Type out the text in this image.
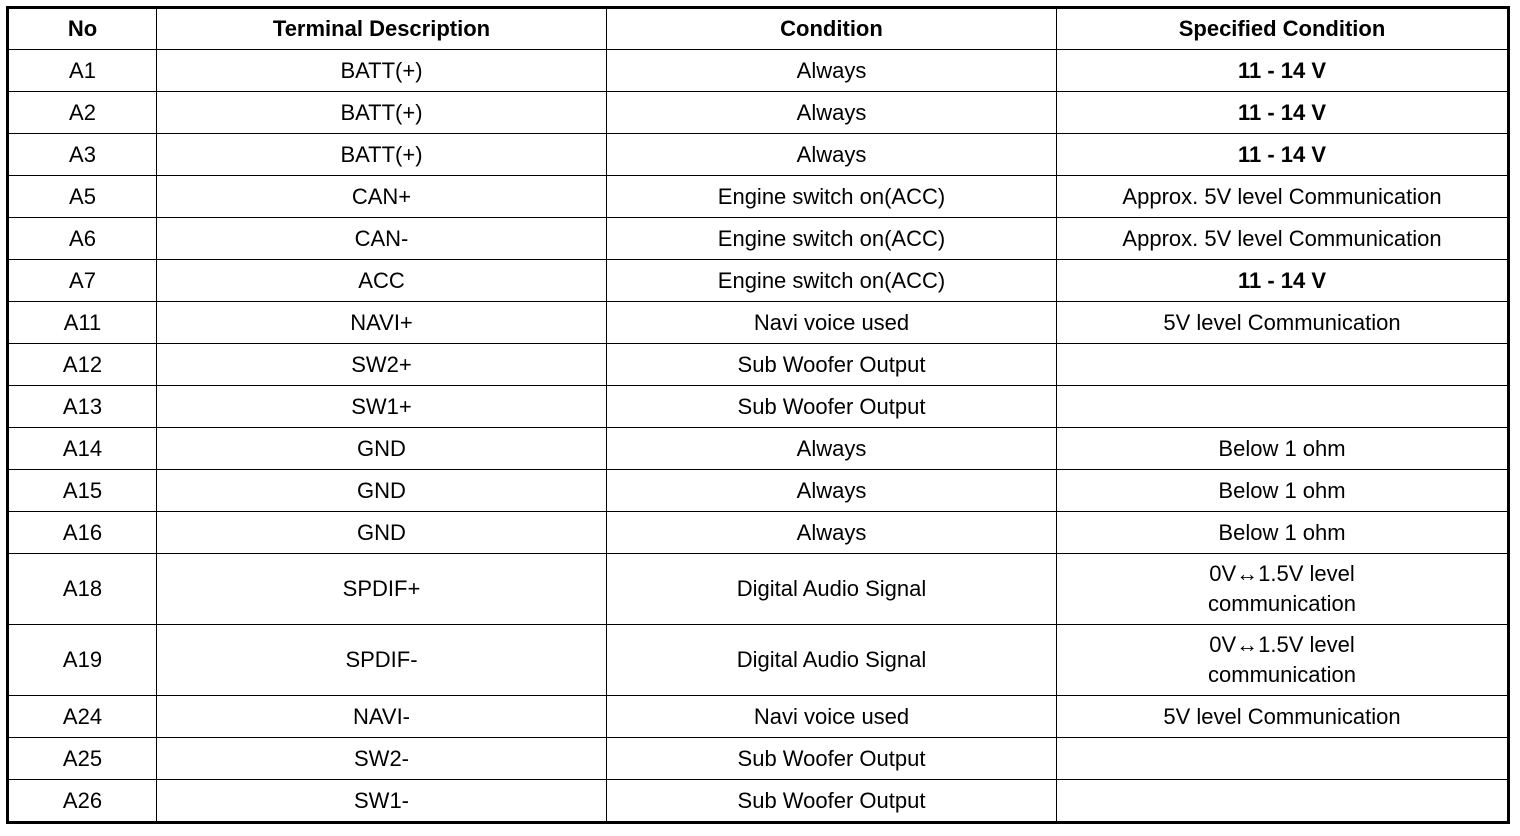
No	Terminal Description	Condition	Specified Condition
A1	BATT(+)	Always	11 - 14 V
A2	BATT(+)	Always	11 - 14 V
A3	BATT(+)	Always	11 - 14 V
A5	CAN+	Engine switch on(ACC)	Approx. 5V level Communication
A6	CAN-	Engine switch on(ACC)	Approx. 5V level Communication
A7	ACC	Engine switch on(ACC)	11 - 14 V
A11	NAVI+	Navi voice used	5V level Communication
A12	SW2+	Sub Woofer Output	
A13	SW1+	Sub Woofer Output	
A14	GND	Always	Below 1 ohm
A15	GND	Always	Below 1 ohm
A16	GND	Always	Below 1 ohm
A18	SPDIF+	Digital Audio Signal	0V↔1.5V level
communication
A19	SPDIF-	Digital Audio Signal	0V↔1.5V level
communication
A24	NAVI-	Navi voice used	5V level Communication
A25	SW2-	Sub Woofer Output	
A26	SW1-	Sub Woofer Output	
